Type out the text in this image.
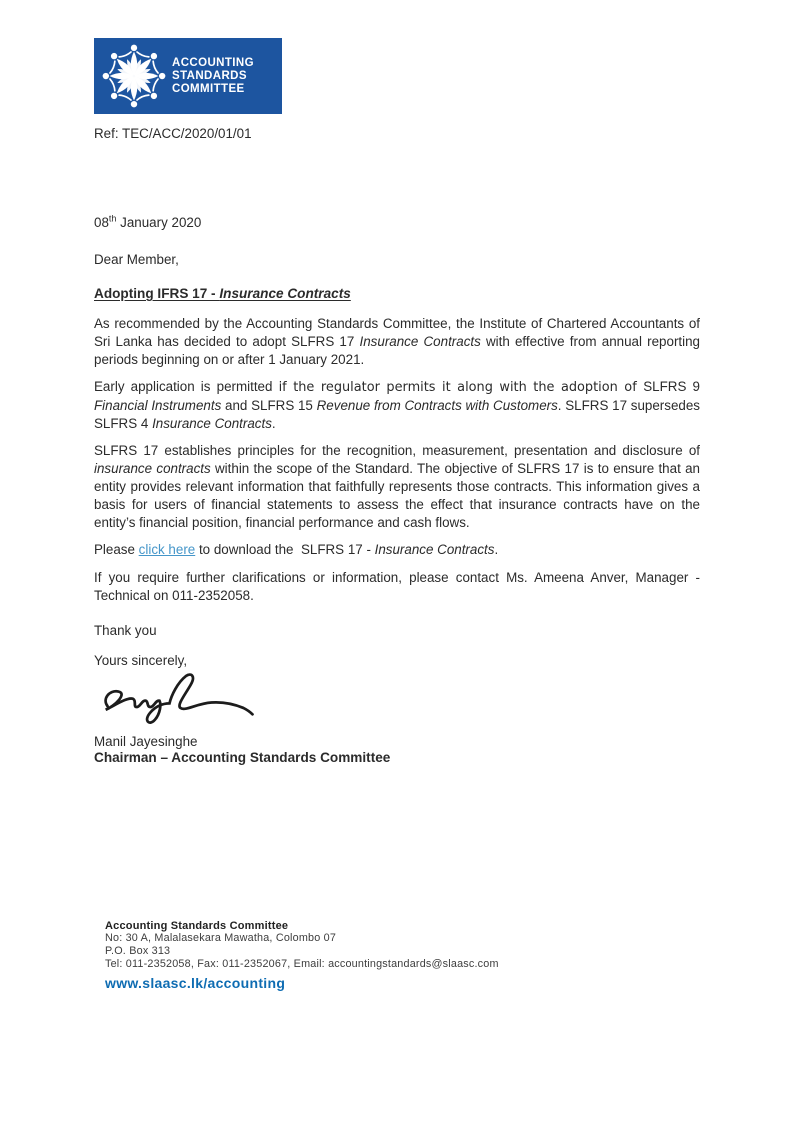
ACCOUNTING
STANDARDS
COMMITTEE
Ref: TEC/ACC/2020/01/01
08th January 2020
Dear Member,
Adopting IFRS 17 - Insurance Contracts

As recommended by the Accounting Standards Committee, the Institute of Chartered Accountants of Sri Lanka has decided to adopt SLFRS 17 Insurance Contracts with effective from annual reporting periods beginning on or after 1 January 2021.

Early application is permitted if the regulator permits it along with the adoption of SLFRS 9 Financial Instruments and SLFRS 15 Revenue from Contracts with Customers. SLFRS 17 supersedes SLFRS 4 Insurance Contracts.

SLFRS 17 establishes principles for the recognition, measurement, presentation and disclosure of insurance contracts within the scope of the Standard. The objective of SLFRS 17 is to ensure that an entity provides relevant information that faithfully represents those contracts. This information gives a basis for users of financial statements to assess the effect that insurance contracts have on the entity’s financial position, financial performance and cash flows.

Please click here to download the  SLFRS 17 - Insurance Contracts.

If you require further clarifications or information, please contact Ms. Ameena Anver, Manager - Technical on 011-2352058.

Thank you
Yours sincerely,
Manil Jayesinghe
Chairman – Accounting Standards Committee
Accounting Standards Committee
No: 30 A, Malalasekara Mawatha, Colombo 07
P.O. Box 313
Tel: 011-2352058, Fax: 011-2352067, Email: accountingstandards@slaasc.com
www.slaasc.lk/accounting
